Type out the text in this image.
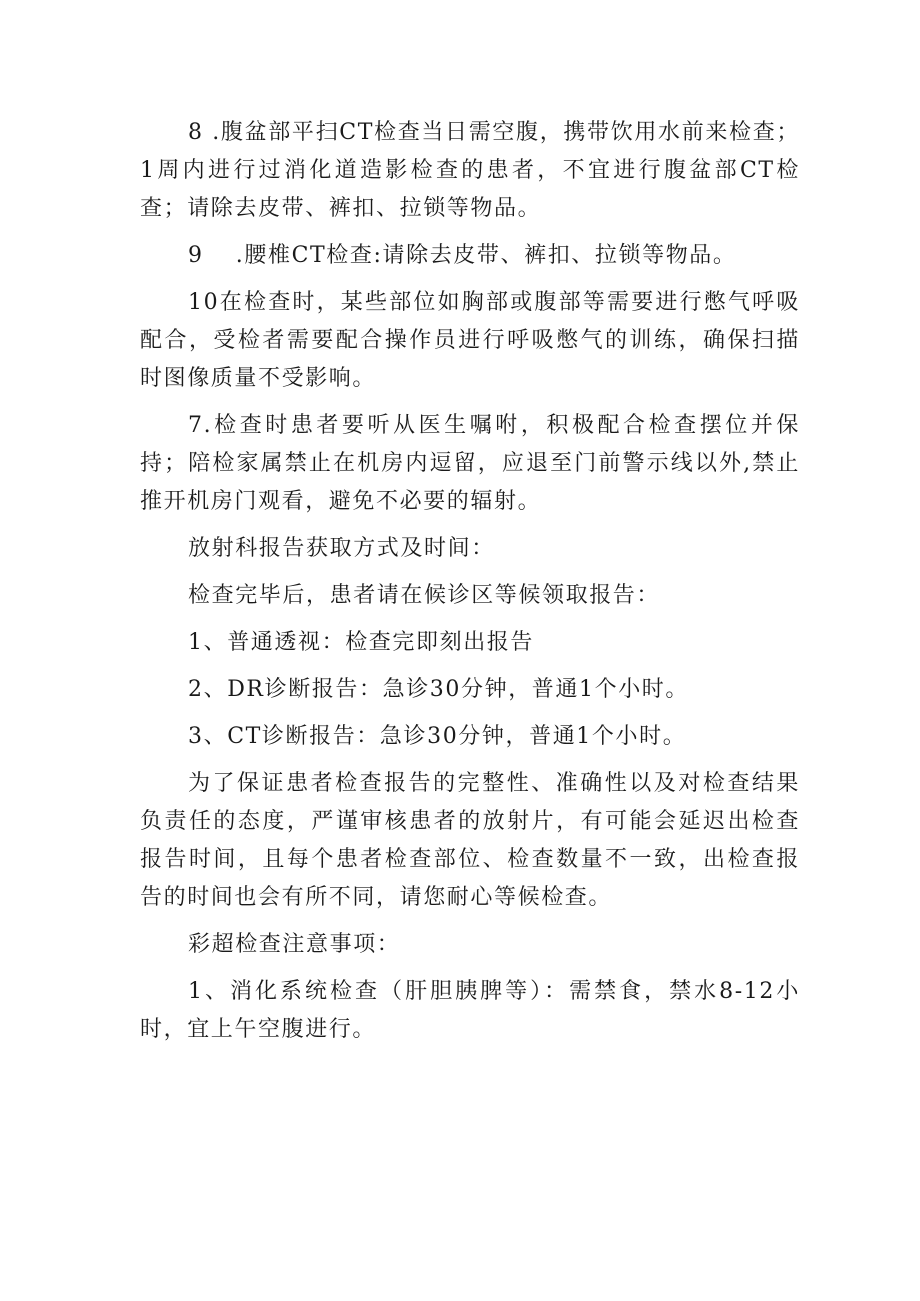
8 .腹盆部平扫CT检查当日需空腹，携带饮用水前来检查；1周内进行过消化道造影检查的患者，不宜进行腹盆部CT检查；请除去皮带、裤扣、拉锁等物品。

9　 .腰椎CT检查:请除去皮带、裤扣、拉锁等物品。

10在检查时，某些部位如胸部或腹部等需要进行憋气呼吸配合，受检者需要配合操作员进行呼吸憋气的训练，确保扫描时图像质量不受影响。

7.检查时患者要听从医生嘱咐，积极配合检查摆位并保持；陪检家属禁止在机房内逗留，应退至门前警示线以外,禁止推开机房门观看，避免不必要的辐射。

放射科报告获取方式及时间：

检查完毕后，患者请在候诊区等候领取报告：

1、普通透视：检查完即刻出报告

2、DR诊断报告：急诊30分钟，普通1个小时。

3、CT诊断报告：急诊30分钟，普通1个小时。

为了保证患者检查报告的完整性、准确性以及对检查结果负责任的态度，严谨审核患者的放射片，有可能会延迟出检查报告时间，且每个患者检查部位、检查数量不一致，出检查报告的时间也会有所不同，请您耐心等候检查。

彩超检查注意事项：

1、消化系统检查（肝胆胰脾等）：需禁食，禁水8-12小时，宜上午空腹进行。
